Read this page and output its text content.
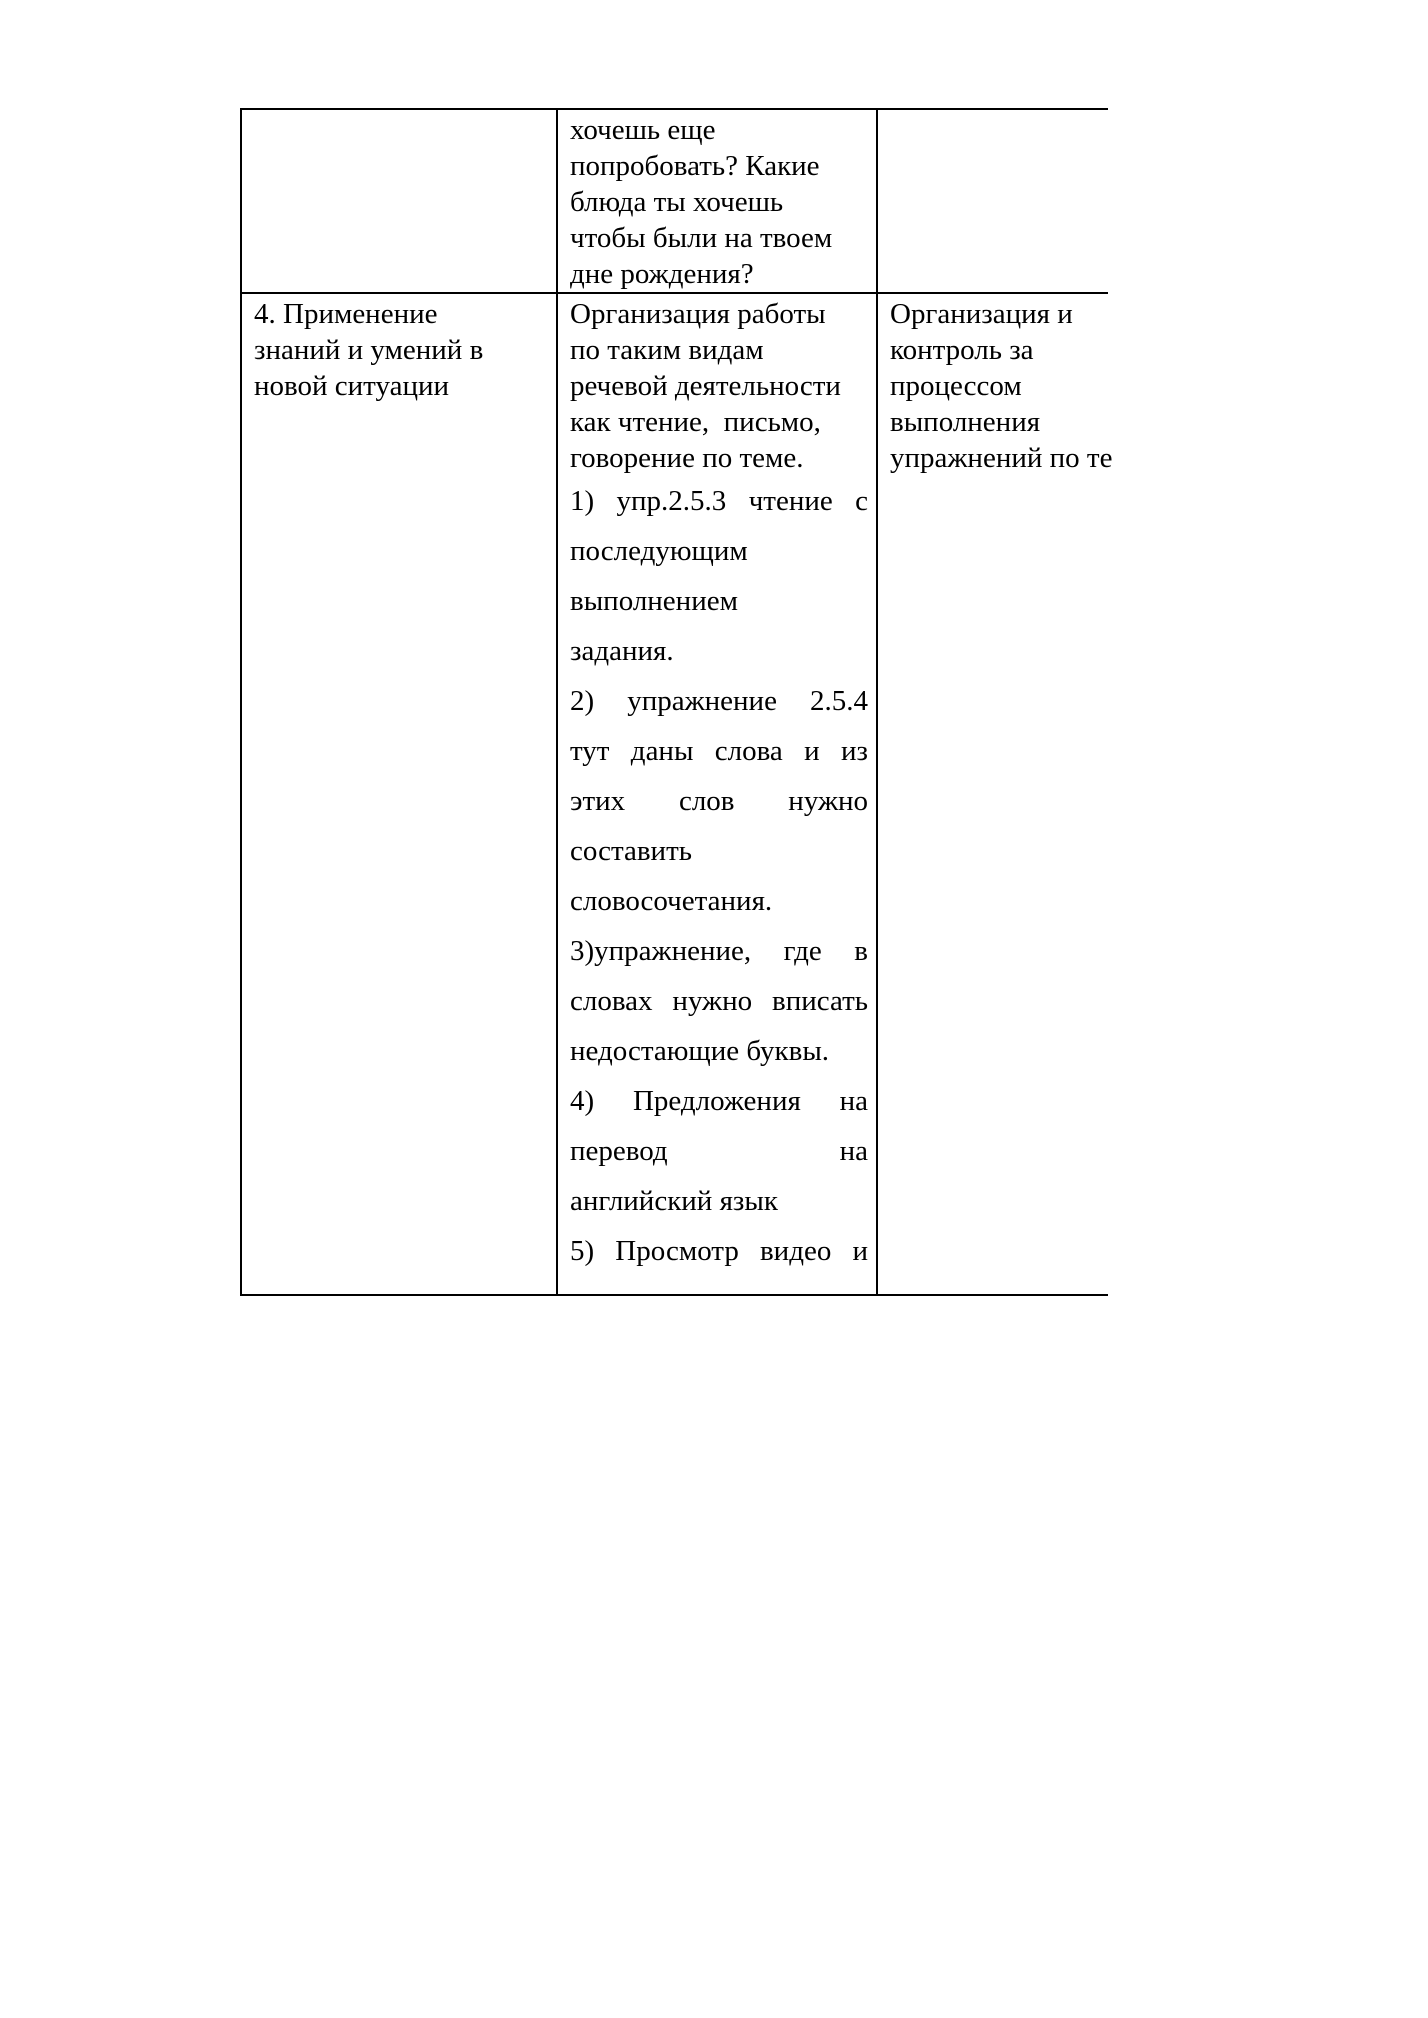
хочешь еще
попробовать? Какие
блюда ты хочешь
чтобы были на твоем
дне рождения?
4. Применение
знаний и умений в
новой ситуации
Организация работы
по таким видам
речевой деятельности
как чтение,  письмо,
говорение по теме.
1) упр.2.5.3 чтение с
последующим
выполнением
задания.
2) упражнение 2.5.4
тут даны слова и из
этих слов нужно
составить
словосочетания.
3)упражнение, где в
словах нужно вписать
недостающие буквы.
4) Предложения на
перевод на
английский язык
5) Просмотр видео и
Организация и
контроль за
процессом
выполнения
упражнений по те
